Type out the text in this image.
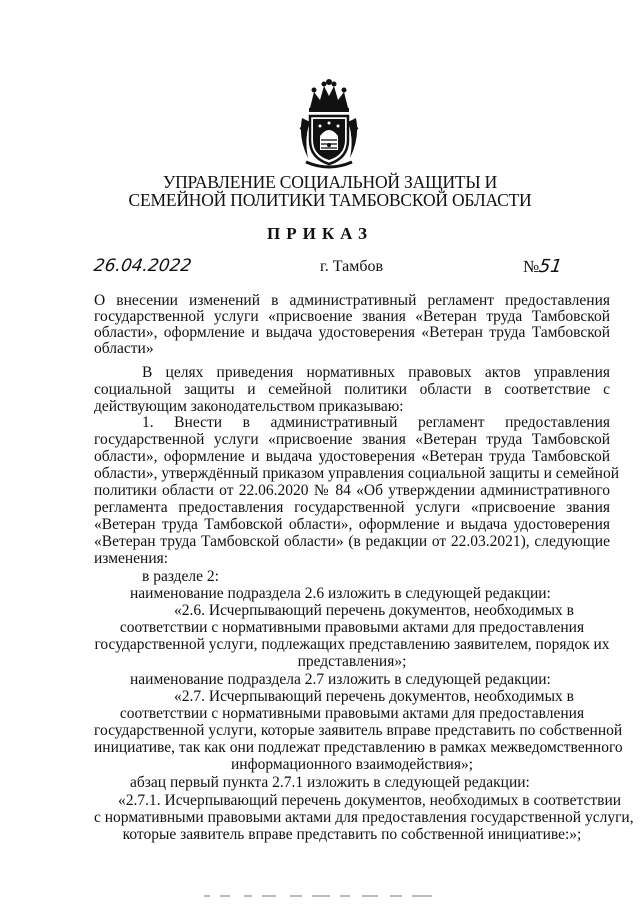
УПРАВЛЕНИЕ СОЦИАЛЬНОЙ ЗАЩИТЫ И
СЕМЕЙНОЙ ПОЛИТИКИ ТАМБОВСКОЙ ОБЛАСТИ
ПРИКАЗ
26.04.2022	г. Тамбов	№51
О внесении изменений в административный регламент предоставления
государственной услуги «присвоение звания «Ветеран труда Тамбовской
области», оформление и выдача удостоверения «Ветеран труда Тамбовской
области»
В целях приведения нормативных правовых актов управления
социальной защиты и семейной политики области в соответствие с
действующим законодательством приказываю:
1. Внести в административный регламент предоставления
государственной услуги «присвоение звания «Ветеран труда Тамбовской
области», оформление и выдача удостоверения «Ветеран труда Тамбовской
области», утверждённый приказом управления социальной защиты и семейной
политики области от 22.06.2020 № 84 «Об утверждении административного
регламента предоставления государственной услуги «присвоение звания
«Ветеран труда Тамбовской области», оформление и выдача удостоверения
«Ветеран труда Тамбовской области» (в редакции от 22.03.2021), следующие
изменения:
в разделе 2:
наименование подраздела 2.6 изложить в следующей редакции:
«2.6. Исчерпывающий перечень документов, необходимых в
соответствии с нормативными правовыми актами для предоставления
государственной услуги, подлежащих представлению заявителем, порядок их
представления»;
наименование подраздела 2.7 изложить в следующей редакции:
«2.7. Исчерпывающий перечень документов, необходимых в
соответствии с нормативными правовыми актами для предоставления
государственной услуги, которые заявитель вправе представить по собственной
инициативе, так как они подлежат представлению в рамках межведомственного
информационного взаимодействия»;
абзац первый пункта 2.7.1 изложить в следующей редакции:
«2.7.1. Исчерпывающий перечень документов, необходимых в соответствии
с нормативными правовыми актами для предоставления государственной услуги,
которые заявитель вправе представить по собственной инициативе:»;
